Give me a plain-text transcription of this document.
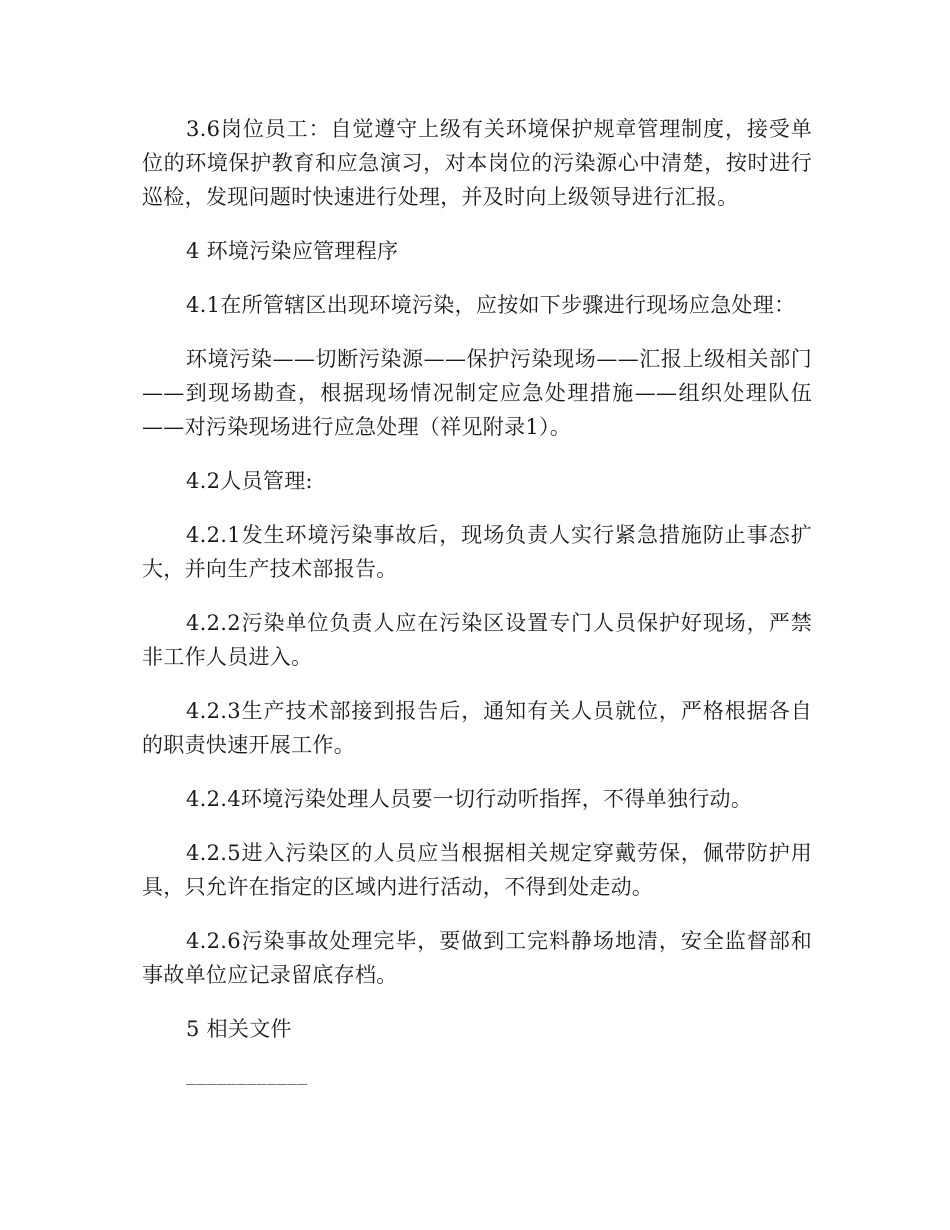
3.6岗位员工：自觉遵守上级有关环境保护规章管理制度，接受单位的环境保护教育和应急演习，对本岗位的污染源心中清楚，按时进行巡检，发现问题时快速进行处理，并及时向上级领导进行汇报。

4 环境污染应管理程序

4.1在所管辖区出现环境污染，应按如下步骤进行现场应急处理：

环境污染——切断污染源——保护污染现场——汇报上级相关部门——到现场勘查，根据现场情况制定应急处理措施——组织处理队伍——对污染现场进行应急处理（祥见附录1）。

4.2人员管理:

4.2.1发生环境污染事故后，现场负责人实行紧急措施防止事态扩大，并向生产技术部报告。

4.2.2污染单位负责人应在污染区设置专门人员保护好现场，严禁非工作人员进入。

4.2.3生产技术部接到报告后，通知有关人员就位，严格根据各自的职责快速开展工作。

4.2.4环境污染处理人员要一切行动听指挥，不得单独行动。

4.2.5进入污染区的人员应当根据相关规定穿戴劳保，佩带防护用具，只允许在指定的区域内进行活动，不得到处走动。

4.2.6污染事故处理完毕，要做到工完料静场地清，安全监督部和事故单位应记录留底存档。

5 相关文件

____________
